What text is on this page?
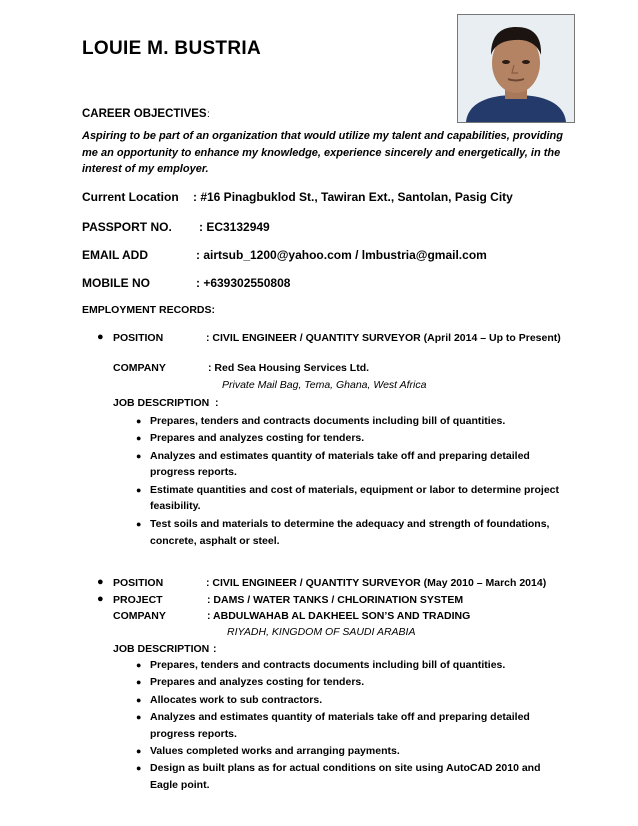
LOUIE M. BUSTRIA
CAREER OBJECTIVES :
Aspiring to be part of an organization that would utilize my talent and capabilities, providing me an opportunity to enhance my knowledge, experience sincerely and energetically, in the interest of my employer.
Current Location : #16 Pinagbuklod St., Tawiran Ext., Santolan, Pasig City
PASSPORT NO. : EC3132949
EMAIL ADD	: airtsub_1200@yahoo.com / lmbustria@gmail.com
MOBILE NO	: +639302550808
EMPLOYMENT RECORDS:
● POSITION	: CIVIL ENGINEER / QUANTITY SURVEYOR (April 2014 – Up to Present)
COMPANY	: Red Sea Housing Services Ltd.
Private Mail Bag, Tema, Ghana, West Africa
JOB DESCRIPTION :
● Prepares, tenders and contracts documents including bill of quantities.
● Prepares and analyzes costing for tenders.
● Analyzes and estimates quantity of materials take off and preparing detailed progress reports.
● Estimate quantities and cost of materials, equipment or labor to determine project feasibility.
● Test soils and materials to determine the adequacy and strength of foundations, concrete, asphalt or steel.
● POSITION	: CIVIL ENGINEER / QUANTITY SURVEYOR (May 2010 – March 2014)
● PROJECT	: DAMS / WATER TANKS / CHLORINATION SYSTEM
COMPANY	: ABDULWAHAB AL DAKHEEL SON’S AND TRADING
RIYADH, KINGDOM OF SAUDI ARABIA
JOB DESCRIPTION :
● Prepares, tenders and contracts documents including bill of quantities.
● Prepares and analyzes costing for tenders.
● Allocates work to sub contractors.
● Analyzes and estimates quantity of materials take off and preparing detailed progress reports.
● Values completed works and arranging payments.
● Design as built plans as for actual conditions on site using AutoCAD 2010 and Eagle point.
